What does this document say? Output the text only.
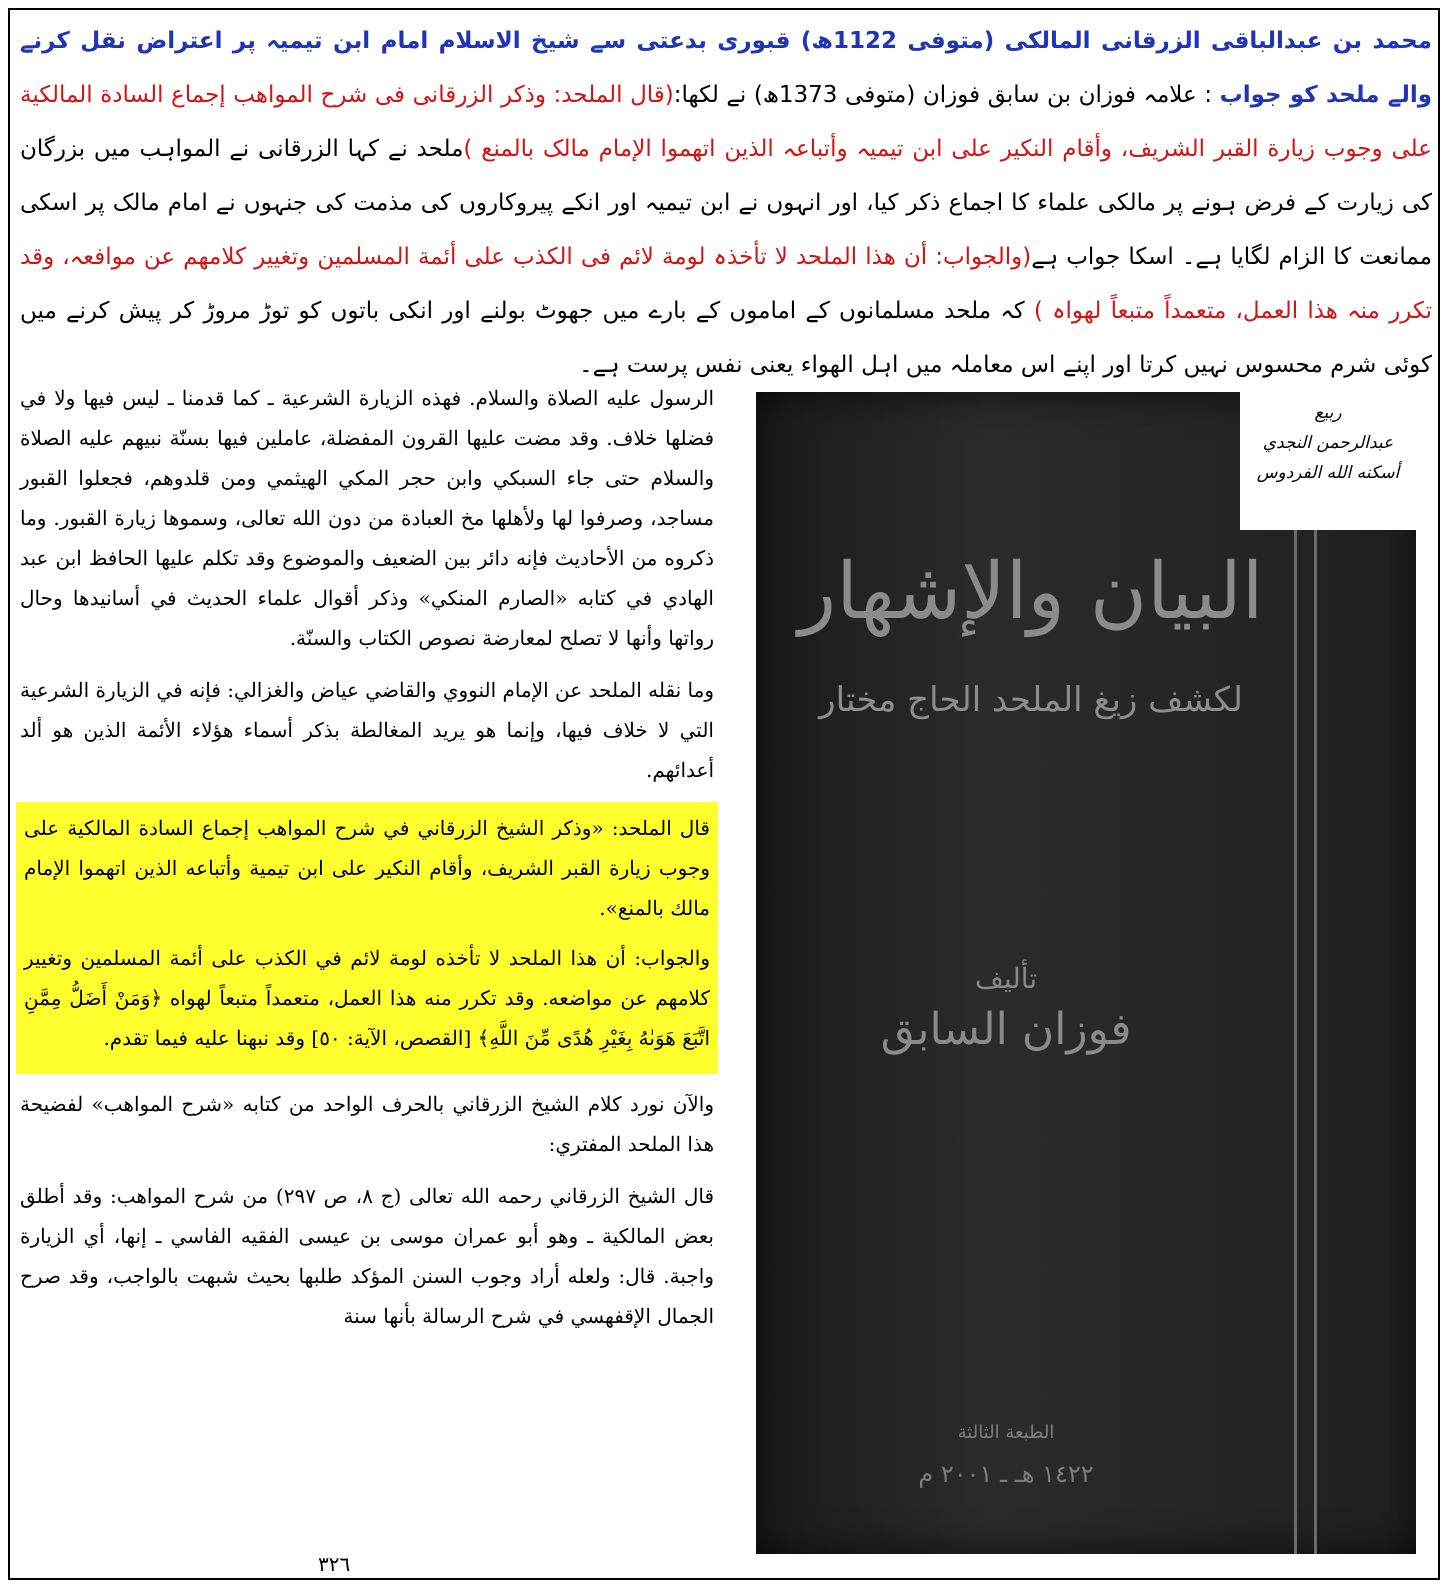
محمد بن عبدالباقی الزرقانی المالکی (متوفی 1122ھ) قبوری بدعتی سے شیخ الاسلام امام ابن تیمیہ پر اعتراض نقل کرنے والے ملحد کو جواب : علامہ فوزان بن سابق فوزان (متوفی 1373ھ) نے لکھا:(قال الملحد: وذکر الزرقانی فی شرح المواھب إجماع السادة المالکیة علی وجوب زیارة القبر الشریف، وأقام النکیر علی ابن تیمیہ وأتباعہ الذین اتھموا الإمام مالک بالمنع )ملحد نے کہا الزرقانی نے المواہب میں بزرگان کی زیارت کے فرض ہونے پر مالکی علماء کا اجماع ذکر کیا، اور انہوں نے ابن تیمیہ اور انکے پیروکاروں کی مذمت کی جنہوں نے امام مالک پر اسکی ممانعت کا الزام لگایا ہے۔ اسکا جواب ہے(والجواب: أن ھذا الملحد لا تأخذہ لومة لائم فی الکذب علی أئمة المسلمین وتغییر کلامھم عن موافعہ، وقد تکرر منہ ھذا العمل، متعمداً متبعاً لھواہ ) کہ ملحد مسلمانوں کے اماموں کے بارے میں جھوٹ بولنے اور انکی باتوں کو توڑ مروڑ کر پیش کرنے میں کوئی شرم محسوس نہیں کرتا اور اپنے اس معاملہ میں اہل الھواء یعنی نفس پرست ہے۔

الرسول عليه الصلاة والسلام. فهذه الزيارة الشرعية ـ كما قدمنا ـ ليس فيها ولا في فضلها خلاف. وقد مضت عليها القرون المفضلة، عاملين فيها بسنّة نبيهم عليه الصلاة والسلام حتى جاء السبكي وابن حجر المكي الهيثمي ومن قلدوهم، فجعلوا القبور مساجد، وصرفوا لها ولأهلها مخ العبادة من دون الله تعالى، وسموها زيارة القبور. وما ذكروه من الأحاديث فإنه دائر بين الضعيف والموضوع وقد تكلم عليها الحافظ ابن عبد الهادي في كتابه «الصارم المنكي» وذكر أقوال علماء الحديث في أسانيدها وحال رواتها وأنها لا تصلح لمعارضة نصوص الكتاب والسنّة.

وما نقله الملحد عن الإمام النووي والقاضي عياض والغزالي: فإنه في الزيارة الشرعية التي لا خلاف فيها، وإنما هو يريد المغالطة بذكر أسماء هؤلاء الأئمة الذين هو ألد أعدائهم.

قال الملحد: «وذكر الشيخ الزرقاني في شرح المواهب إجماع السادة المالكية على وجوب زيارة القبر الشريف، وأقام النكير على ابن تيمية وأتباعه الذين اتهموا الإمام مالك بالمنع».

والجواب: أن هذا الملحد لا تأخذه لومة لائم في الكذب على أئمة المسلمين وتغيير كلامهم عن مواضعه. وقد تكرر منه هذا العمل، متعمداً متبعاً لهواه ﴿وَمَنْ أَضَلُّ مِمَّنِ اتَّبَعَ هَوَىٰهُ بِغَيْرِ هُدًى مِّنَ اللَّهِ﴾ [القصص، الآية: ٥٠] وقد نبهنا عليه فيما تقدم.

والآن نورد كلام الشيخ الزرقاني بالحرف الواحد من كتابه «شرح المواهب» لفضيحة هذا الملحد المفتري:

قال الشيخ الزرقاني رحمه الله تعالى (ج ٨، ص ٢٩٧) من شرح المواهب: وقد أطلق بعض المالكية ـ وهو أبو عمران موسى بن عيسى الفقيه الفاسي ـ إنها، أي الزيارة واجبة. قال: ولعله أراد وجوب السنن المؤكد طلبها بحيث شبهت بالواجب، وقد صرح الجمال الإقفهسي في شرح الرسالة بأنها سنة

٣٢٦
ربيع
عبدالرحمن النجدي
أسكنه الله الفردوس
البيان والإشهار
لكشف زيغ الملحد الحاج مختار
تأليف
فوزان السابق
الطبعة الثالثة
١٤٢٢ هـ ـ ٢٠٠١ م
